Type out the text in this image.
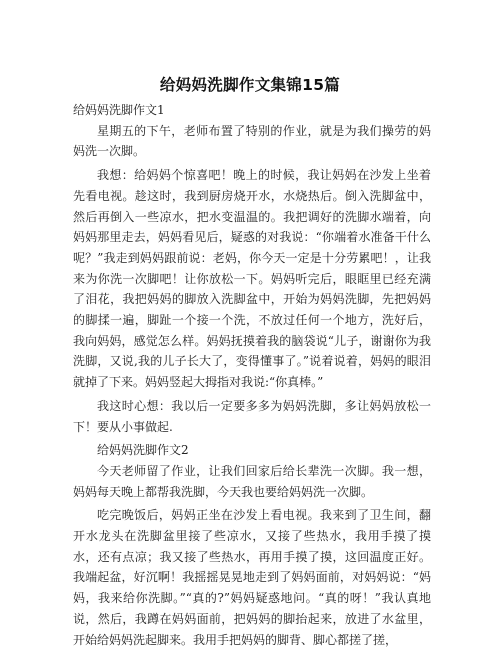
给妈妈洗脚作文集锦15篇

给妈妈洗脚作文1

星期五的下午，老师布置了特别的作业，就是为我们操劳的妈妈洗一次脚。

我想：给妈妈个惊喜吧！晚上的时候，我让妈妈在沙发上坐着先看电视。趁这时，我到厨房烧开水，水烧热后。倒入洗脚盆中，然后再倒入一些凉水，把水变温温的。我把调好的洗脚水端着，向妈妈那里走去，妈妈看见后，疑惑的对我说：“你端着水准备干什么呢？”我走到妈妈跟前说：老妈，你今天一定是十分劳累吧！，让我来为你洗一次脚吧！让你放松一下。妈妈听完后，眼眶里已经充满了泪花，我把妈妈的脚放入洗脚盆中，开始为妈妈洗脚，先把妈妈的脚揉一遍，脚趾一个接一个洗，不放过任何一个地方，洗好后，我向妈妈，感觉怎么样。妈妈抚摸着我的脑袋说“儿子，谢谢你为我洗脚，又说,我的儿子长大了，变得懂事了。”说着说着，妈妈的眼泪就掉了下来。妈妈竖起大拇指对我说:“你真棒。”

我这时心想：我以后一定要多多为妈妈洗脚，多让妈妈放松一下！要从小事做起.

给妈妈洗脚作文2

今天老师留了作业，让我们回家后给长辈洗一次脚。我一想，妈妈每天晚上都帮我洗脚，今天我也要给妈妈洗一次脚。

吃完晚饭后，妈妈正坐在沙发上看电视。我来到了卫生间，翻开水龙头在洗脚盆里接了些凉水，又接了些热水，我用手摸了摸水，还有点凉；我又接了些热水，再用手摸了摸，这回温度正好。我端起盆，好沉啊！我摇摇晃晃地走到了妈妈面前，对妈妈说：“妈妈，我来给你洗脚。”“真的?”妈妈疑惑地问。“真的呀！”我认真地说，然后，我蹲在妈妈面前，把妈妈的脚抬起来，放进了水盆里，开始给妈妈洗起脚来。我用手把妈妈的脚背、脚心都搓了搓，
